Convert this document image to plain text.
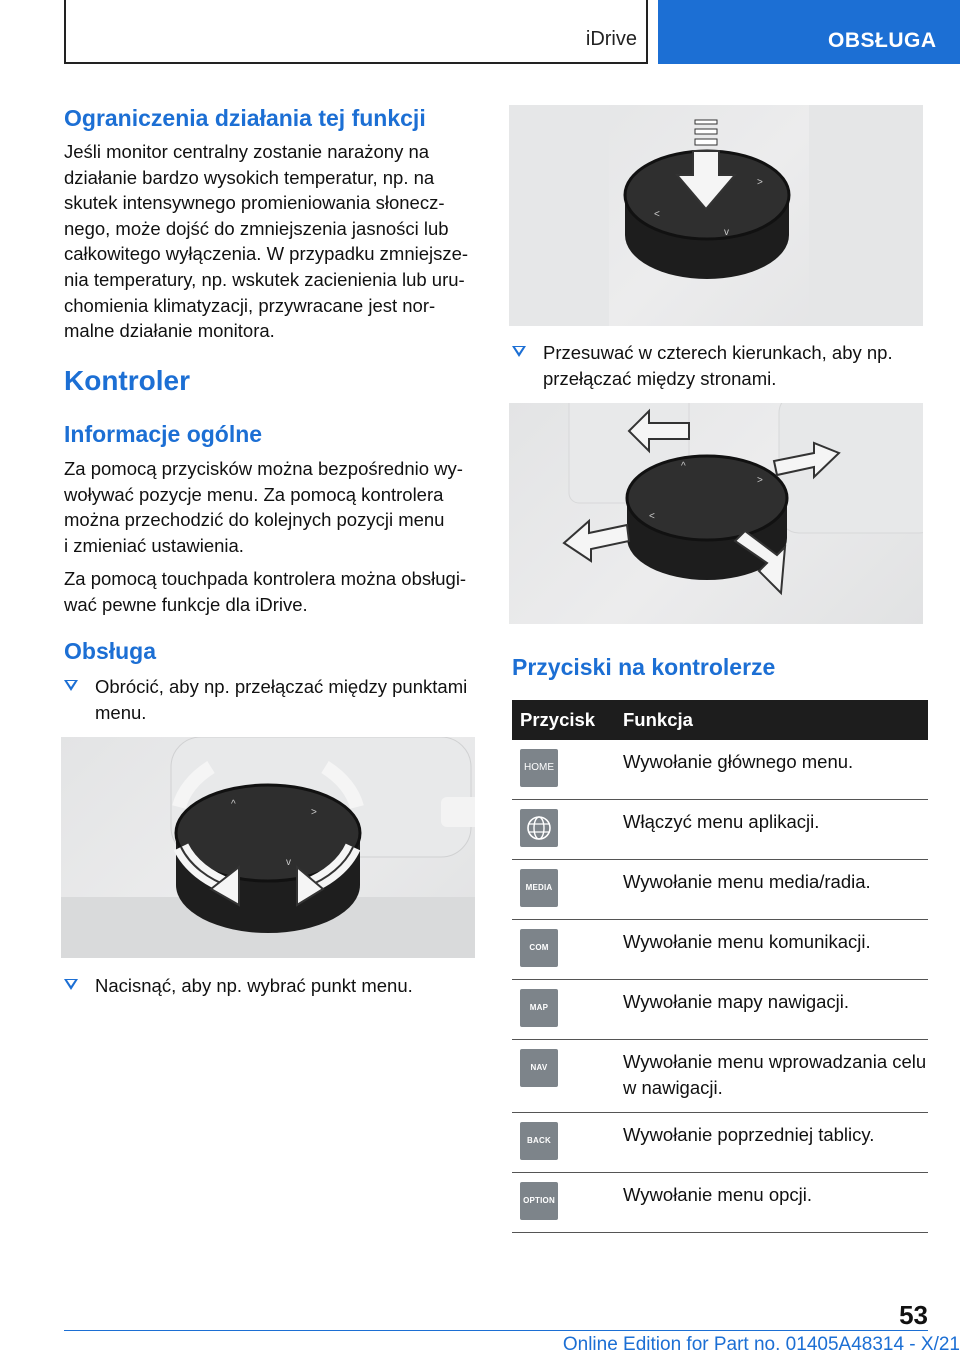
iDrive	OBSŁUGA
Ograniczenia działania tej funkcji
Jeśli monitor centralny zostanie narażony na
działanie bardzo wysokich temperatur, np. na
skutek intensywnego promieniowania słonecz-
nego, może dojść do zmniejszenia jasności lub
całkowitego wyłączenia. W przypadku zmniejsze-
nia temperatury, np. wskutek zacienienia lub uru-
chomienia klimatyzacji, przywracane jest nor-
malne działanie monitora.
Kontroler
Informacje ogólne
Za pomocą przycisków można bezpośrednio wy-
woływać pozycje menu. Za pomocą kontrolera
można przechodzić do kolejnych pozycji menu
i zmieniać ustawienia.
Za pomocą touchpada kontrolera można obsługi-
wać pewne funkcje dla iDrive.
Obsługa
Obrócić, aby np. przełączać między punktami
menu.
^
>
v
Nacisnąć, aby np. wybrać punkt menu.
<
>
v
Przesuwać w czterech kierunkach, aby np.
przełączać między stronami.
^
>
<
Przyciski na kontrolerze
Przycisk	Funkcja

HOME	Wywołanie głównego menu.

	Włączyć menu aplikacji.

MEDIA	Wywołanie menu media/radia.

COM	Wywołanie menu komunikacji.

MAP	Wywołanie mapy nawigacji.

NAV	Wywołanie menu wprowadzania celu w nawigacji.

BACK	Wywołanie poprzedniej tablicy.

OPTION	Wywołanie menu opcji.
53
Online Edition for Part no. 01405A48314 - X/21
